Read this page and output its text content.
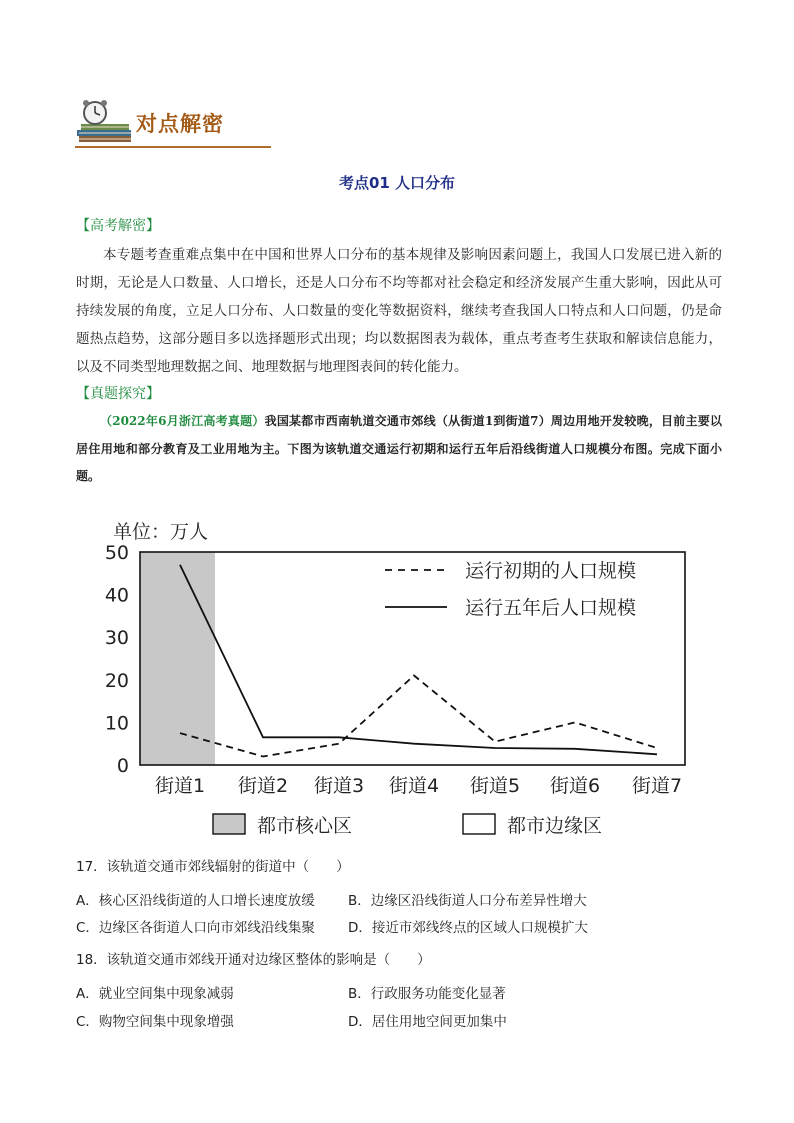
对点解密
考点01 人口分布
【高考解密】
本专题考查重难点集中在中国和世界人口分布的基本规律及影响因素问题上，我国人口发展已进入新的时期，无论是人口数量、人口增长，还是人口分布不均等都对社会稳定和经济发展产生重大影响，因此从可持续发展的角度，立足人口分布、人口数量的变化等数据资料，继续考查我国人口特点和人口问题，仍是命题热点趋势，这部分题目多以选择题形式出现；均以数据图表为载体，重点考查考生获取和解读信息能力，以及不同类型地理数据之间、地理数据与地理图表间的转化能力。
【真题探究】
（2022年6月浙江高考真题）我国某都市西南轨道交通市郊线（从街道1到街道7）周边用地开发较晚，目前主要以居住用地和部分教育及工业用地为主。下图为该轨道交通运行初期和运行五年后沿线街道人口规模分布图。完成下面小题。
单位：万人
0
10
20
30
40
50
街道1 街道2 街道3 街道4 街道5 街道6 街道7
运行初期的人口规模
运行五年后人口规模
都市核心区	都市边缘区
17．该轨道交通市郊线辐射的街道中（　　）
A．核心区沿线街道的人口增长速度放缓 B．边缘区沿线街道人口分布差异性增大
C．边缘区各街道人口向市郊线沿线集聚 D．接近市郊线终点的区域人口规模扩大
18．该轨道交通市郊线开通对边缘区整体的影响是（　　）
A．就业空间集中现象减弱	B．行政服务功能变化显著
C．购物空间集中现象增强	D．居住用地空间更加集中
